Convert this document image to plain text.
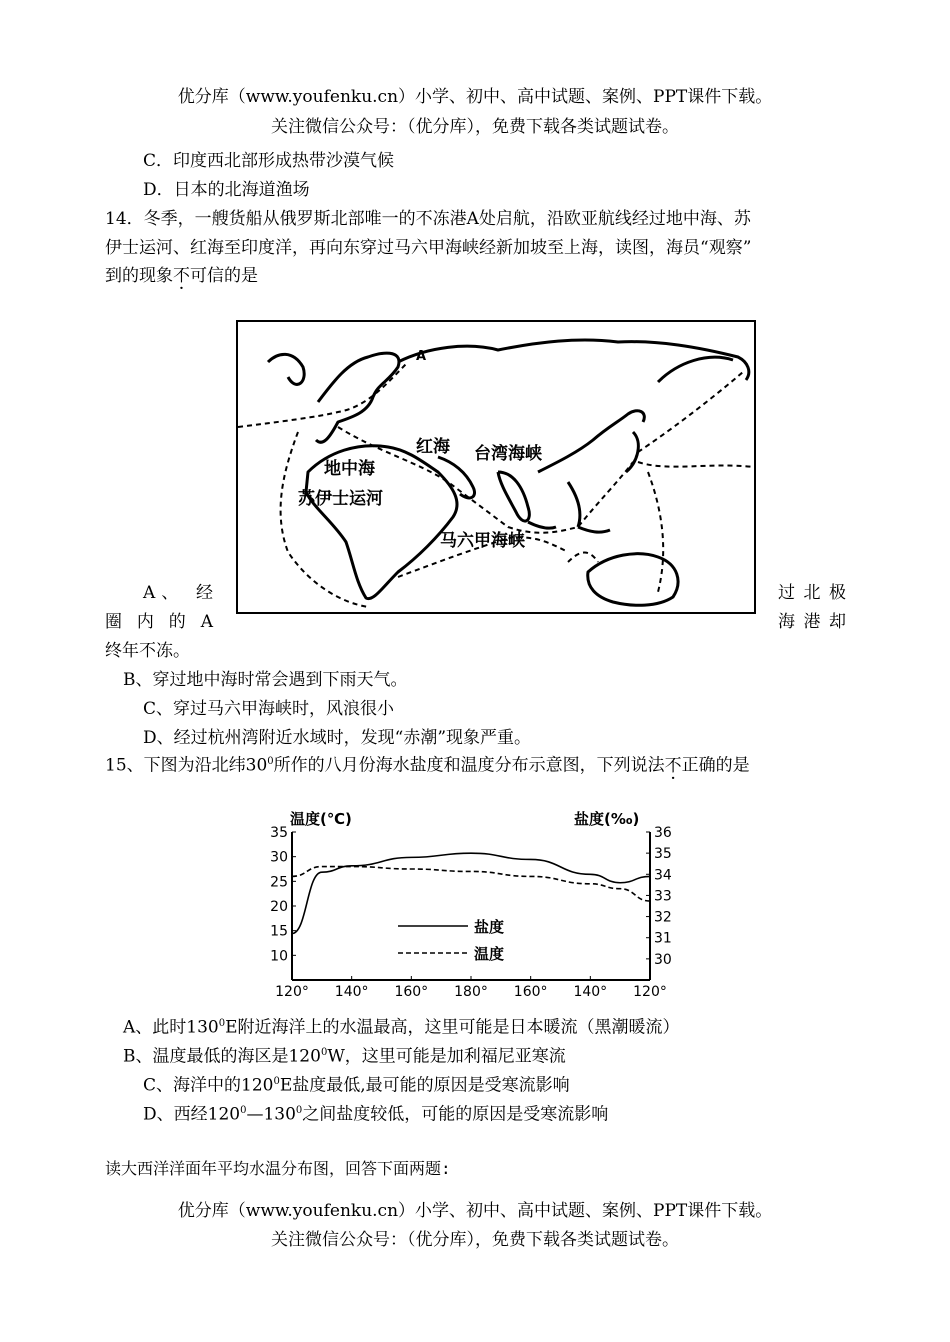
优分库（www.youfenku.cn）小学、初中、高中试题、案例、PPT课件下载。
关注微信公众号：（优分库），免费下载各类试题试卷。
C．印度西北部形成热带沙漠气候
D．日本的北海道渔场
14．冬季，一艘货船从俄罗斯北部唯一的不冻港A处启航，沿欧亚航线经过地中海、苏
伊士运河、红海至印度洋，再向东穿过马六甲海峡经新加坡至上海，读图，海员“观察”
到的现象不可信的是
A
地中海
苏伊士运河
红海 台湾海峡
马六甲海峡
A、 经	过北极
圈内的A	海港却
终年不冻。
B、穿过地中海时常会遇到下雨天气。
C、穿过马六甲海峡时，风浪很小
D、经过杭州湾附近水域时，发现“赤潮”现象严重。
15、下图为沿北纬$30^0$所作的八月份海水盐度和温度分布示意图，下列说法不正确的是
温度(℃)	盐度(‰)
35
30
25
20
15
10
36
35
34
33
32
31
30
120° 140° 160° 180° 160° 140° 120°
盐度
温度
A、此时$130^0E$附近海洋上的水温最高，这里可能是日本暖流（黑潮暖流）
B、温度最低的海区是$120^0W$，这里可能是加利福尼亚寒流
C、海洋中的$120^0E$盐度最低,最可能的原因是受寒流影响
D、西经$120^0—130^0$之间盐度较低，可能的原因是受寒流影响
读大西洋洋面年平均水温分布图，回答下面两题:
优分库（www.youfenku.cn）小学、初中、高中试题、案例、PPT课件下载。
关注微信公众号：（优分库），免费下载各类试题试卷。
